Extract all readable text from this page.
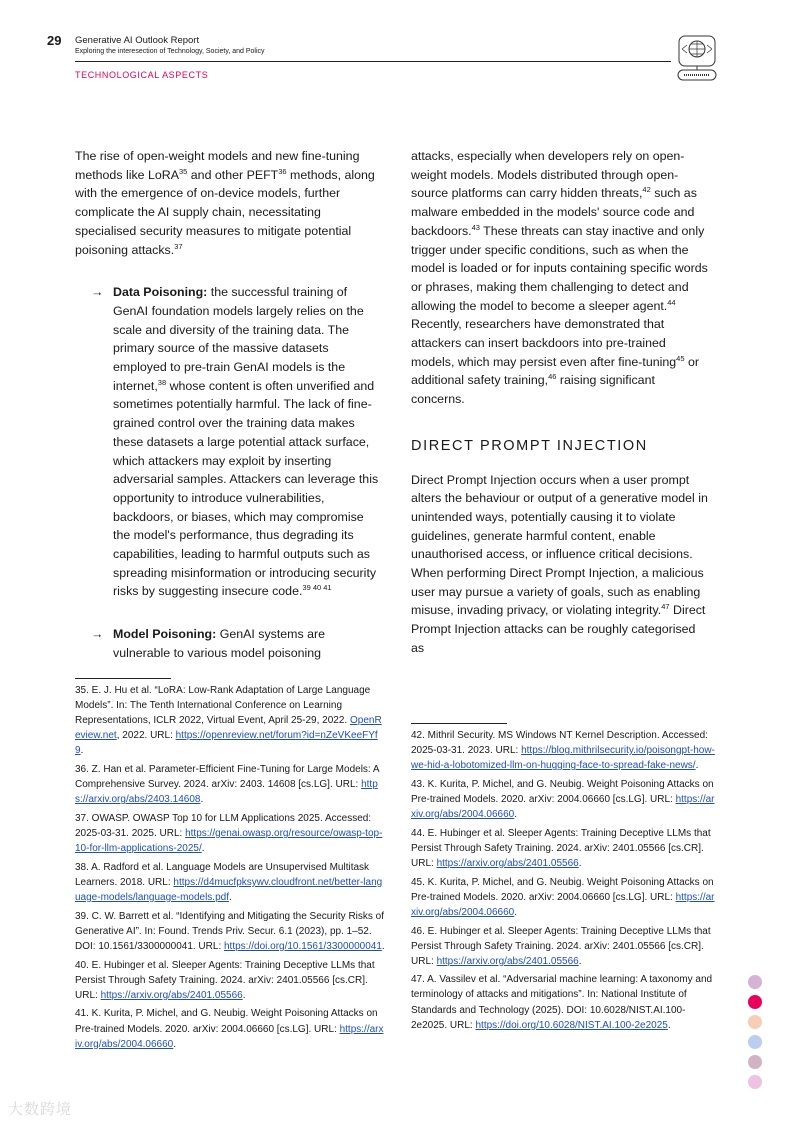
29 Generative AI Outlook Report
Exploring the interesection of Technology, Society, and Policy
TECHNOLOGICAL ASPECTS

The rise of open-weight models and new fine-tuning methods like LoRA$^{35}$ and other PEFT$^{36}$ methods, along with the emergence of on-device models, further complicate the AI supply chain, necessitating specialised security measures to mitigate potential poisoning attacks.$^{37}$

→ Data Poisoning: the successful training of GenAI foundation models largely relies on the scale and diversity of the training data. The primary source of the massive datasets employed to pre-train GenAI models is the internet,$^{38}$ whose content is often unverified and sometimes potentially harmful. The lack of fine-grained control over the training data makes these datasets a large potential attack surface, which attackers may exploit by inserting adversarial samples. Attackers can leverage this opportunity to introduce vulnerabilities, backdoors, or biases, which may compromise the model's performance, thus degrading its capabilities, leading to harmful outputs such as spreading misinformation or introducing security risks by suggesting insecure code.$^{39 40 41}$

→ Model Poisoning: GenAI systems are vulnerable to various model poisoning

35. E. J. Hu et al. “LoRA: Low-Rank Adaptation of Large Language Models”. In: The Tenth International Conference on Learning Representations, ICLR 2022, Virtual Event, April 25-29, 2022. OpenReview.net, 2022. URL: https://openreview.net/forum?id=nZeVKeeFYf9.

36. Z. Han et al. Parameter-Efficient Fine-Tuning for Large Models: A Comprehensive Survey. 2024. arXiv: 2403. 14608 [cs.LG]. URL: https://arxiv.org/abs/2403.14608.

37. OWASP. OWASP Top 10 for LLM Applications 2025. Accessed: 2025-03-31. 2025. URL: https://genai.owasp.org/resource/owasp-top-10-for-llm-applications-2025/.

38. A. Radford et al. Language Models are Unsupervised Multitask Learners. 2018. URL: https://d4mucfpksywv.cloudfront.net/better-language-models/language-models.pdf.

39. C. W. Barrett et al. “Identifying and Mitigating the Security Risks of Generative AI”. In: Found. Trends Priv. Secur. 6.1 (2023), pp. 1–52. DOI: 10.1561/3300000041. URL: https://doi.org/10.1561/3300000041.

40. E. Hubinger et al. Sleeper Agents: Training Deceptive LLMs that Persist Through Safety Training. 2024. arXiv: 2401.05566 [cs.CR]. URL: https://arxiv.org/abs/2401.05566.

41. K. Kurita, P. Michel, and G. Neubig. Weight Poisoning Attacks on Pre-trained Models. 2020. arXiv: 2004.06660 [cs.LG]. URL: https://arxiv.org/abs/2004.06660.

attacks, especially when developers rely on open-weight models. Models distributed through open-source platforms can carry hidden threats,$^{42}$ such as malware embedded in the models' source code and backdoors.$^{43}$ These threats can stay inactive and only trigger under specific conditions, such as when the model is loaded or for inputs containing specific words or phrases, making them challenging to detect and allowing the model to become a sleeper agent.$^{44}$ Recently, researchers have demonstrated that attackers can insert backdoors into pre-trained models, which may persist even after fine-tuning$^{45}$ or additional safety training,$^{46}$ raising significant concerns.

DIRECT PROMPT INJECTION

Direct Prompt Injection occurs when a user prompt alters the behaviour or output of a generative model in unintended ways, potentially causing it to violate guidelines, generate harmful content, enable unauthorised access, or influence critical decisions. When performing Direct Prompt Injection, a malicious user may pursue a variety of goals, such as enabling misuse, invading privacy, or violating integrity.$^{47}$ Direct Prompt Injection attacks can be roughly categorised as

42. Mithril Security. MS Windows NT Kernel Description. Accessed: 2025-03-31. 2023. URL: https://blog.mithrilsecurity.io/poisongpt-how-we-hid-a-lobotomized-llm-on-hugging-face-to-spread-fake-news/.

43. K. Kurita, P. Michel, and G. Neubig. Weight Poisoning Attacks on Pre-trained Models. 2020. arXiv: 2004.06660 [cs.LG]. URL: https://arxiv.org/abs/2004.06660.

44. E. Hubinger et al. Sleeper Agents: Training Deceptive LLMs that Persist Through Safety Training. 2024. arXiv: 2401.05566 [cs.CR]. URL: https://arxiv.org/abs/2401.05566.

45. K. Kurita, P. Michel, and G. Neubig. Weight Poisoning Attacks on Pre-trained Models. 2020. arXiv: 2004.06660 [cs.LG]. URL: https://arxiv.org/abs/2004.06660.

46. E. Hubinger et al. Sleeper Agents: Training Deceptive LLMs that Persist Through Safety Training. 2024. arXiv: 2401.05566 [cs.CR]. URL: https://arxiv.org/abs/2401.05566.

47. A. Vassilev et al. “Adversarial machine learning: A taxonomy and terminology of attacks and mitigations”. In: National Institute of Standards and Technology (2025). DOI: 10.6028/NIST.AI.100-2e2025. URL: https://doi.org/10.6028/NIST.AI.100-2e2025.

大数跨境
